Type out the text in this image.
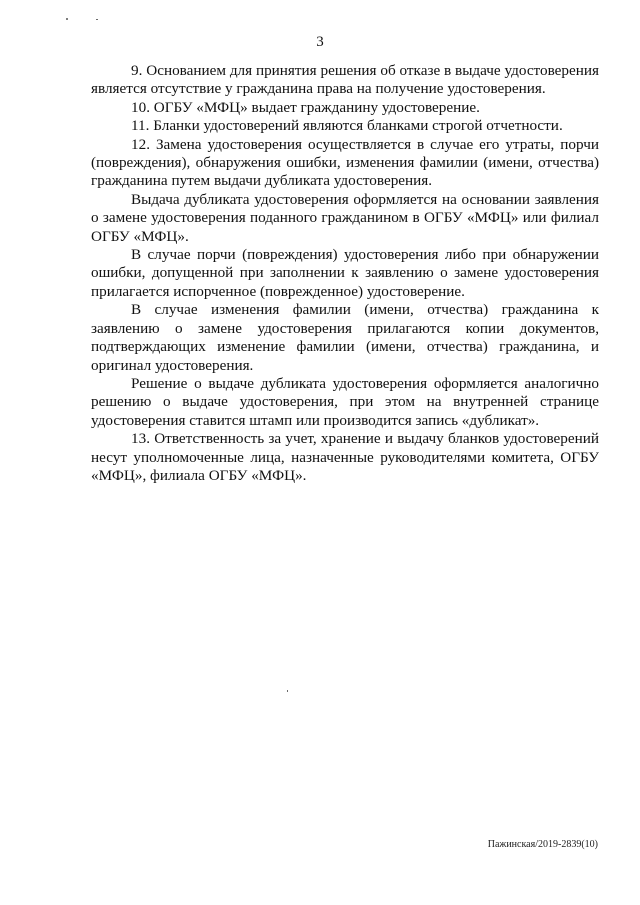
3

9. Основанием для принятия решения об отказе в выдаче удостоверения является отсутствие у гражданина права на получение удостоверения.

10. ОГБУ «МФЦ» выдает гражданину удостоверение.

11. Бланки удостоверений являются бланками строгой отчетности.

12. Замена удостоверения осуществляется в случае его утраты, порчи (повреждения), обнаружения ошибки, изменения фамилии (имени, отчества) гражданина путем выдачи дубликата удостоверения.

Выдача дубликата удостоверения оформляется на основании заявления о замене удостоверения поданного гражданином в ОГБУ «МФЦ» или филиал ОГБУ «МФЦ».

В случае порчи (повреждения) удостоверения либо при обнаружении ошибки, допущенной при заполнении к заявлению о замене удостоверения прилагается испорченное (поврежденное) удостоверение.

В случае изменения фамилии (имени, отчества) гражданина к заявлению о замене удостоверения прилагаются копии документов, подтверждающих изменение фамилии (имени, отчества) гражданина, и оригинал удостоверения.

Решение о выдаче дубликата удостоверения оформляется аналогично решению о выдаче удостоверения, при этом на внутренней странице удостоверения ставится штамп или производится запись «дубликат».

13. Ответственность за учет, хранение и выдачу бланков удостоверений несут уполномоченные лица, назначенные руководителями комитета, ОГБУ «МФЦ», филиала ОГБУ «МФЦ».

Пажинская/2019-2839(10)
